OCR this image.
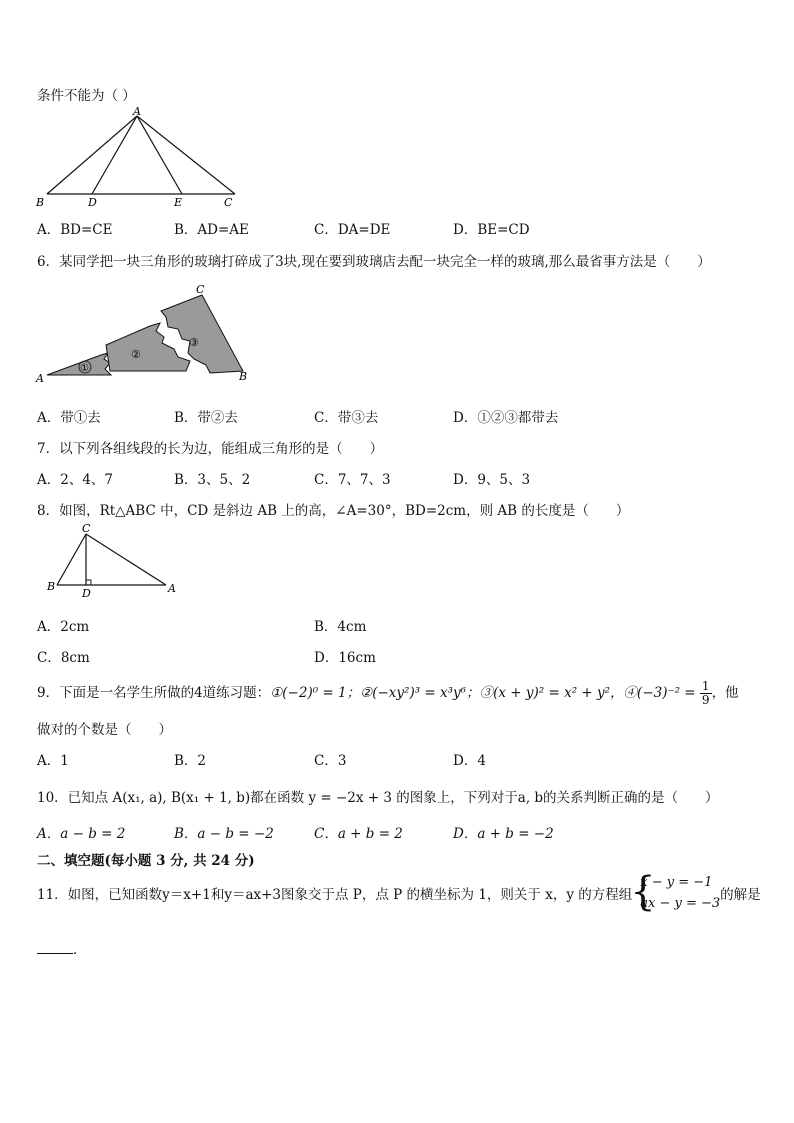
条件不能为（ ）
A
B	D	E	C
A．BD=CE	B．AD=AE	C．DA=DE	D．BE=CD
6．某同学把一块三角形的玻璃打碎成了3块,现在要到玻璃店去配一块完全一样的玻璃,那么最省事方法是（　　）
①
②
③
A	B
C
A．带①去	B．带②去	C．带③去	D．①②③都带去
7．以下列各组线段的长为边，能组成三角形的是（　　）
A．2、4、7	B．3、5、2	C．7、7、3	D．9、5、3
8．如图，Rt△ABC 中，CD 是斜边 AB 上的高，∠A=30°，BD=2cm，则 AB 的长度是（　　）
C
B
D	A
A．2cm	B．4cm
C．8cm	D．16cm
9．下面是一名学生所做的4道练习题：①(−2)⁰ = 1；②(−xy²)³ = x³y⁶；③(x + y)² = x² + y²，④(−3)⁻² = $\frac{1}{9}$ ，他
做对的个数是（　　）
A．1	B．2	C．3	D．4
10．已知点 A(x₁, a), B(x₁ + 1, b)都在函数 y = −2x + 3 的图象上，下列对于a, b的关系判断正确的是（　　）
A．a − b = 2	B．a − b = −2	C．a + b = 2	D．a + b = −2
二、填空题(每小题 3 分, 共 24 分)
11．如图，已知函数y＝x+1和y＝ax+3图象交于点 P，点 P 的横坐标为 1，则关于 x，y 的方程组
{ x − y = −1
ax − y = −3
的解是
．
